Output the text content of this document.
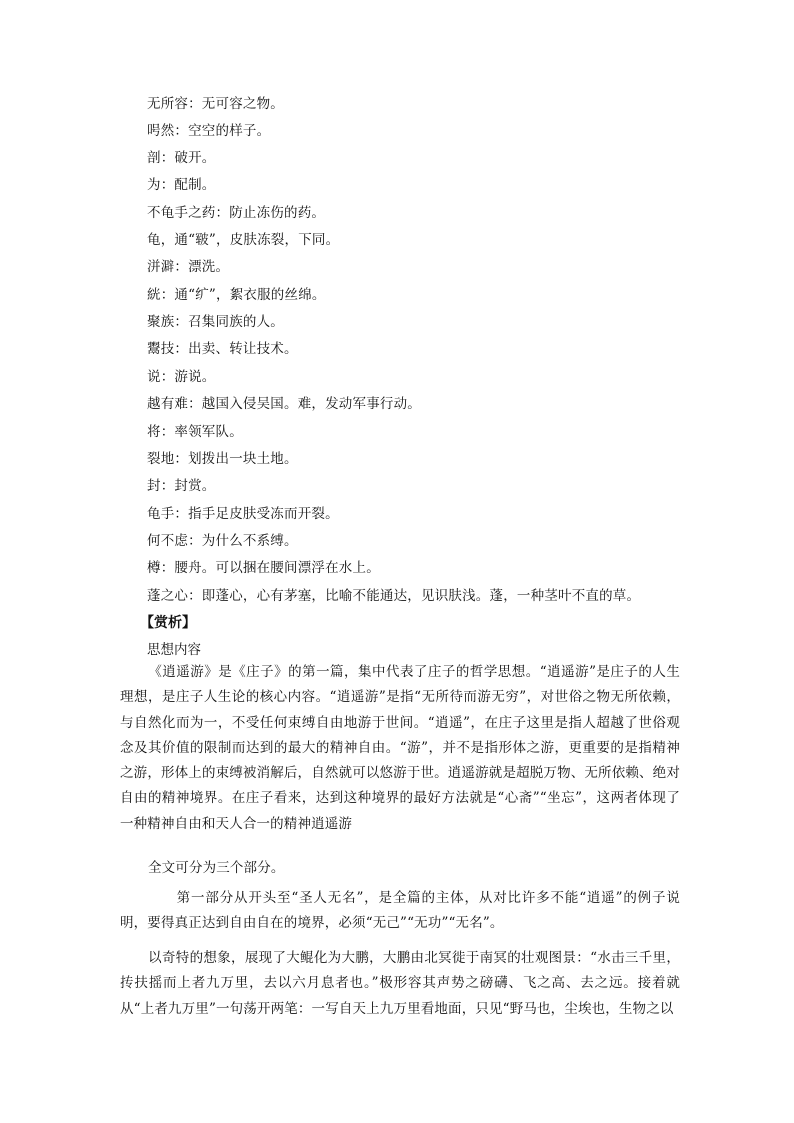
无所容：无可容之物。
呺然：空空的样子。
剖：破开。
为：配制。
不龟手之药：防止冻伤的药。
龟，通“皲”，皮肤冻裂，下同。
洴澼：漂洗。
絖：通“纩”，絮衣服的丝绵。
聚族：召集同族的人。
鬻技：出卖、转让技术。
说：游说。
越有难：越国入侵吴国。难，发动军事行动。
将：率领军队。
裂地：划拨出一块土地。
封：封赏。
龟手：指手足皮肤受冻而开裂。
何不虑：为什么不系缚。
樽：腰舟。可以捆在腰间漂浮在水上。
蓬之心：即蓬心，心有茅塞，比喻不能通达，见识肤浅。蓬，一种茎叶不直的草。
【赏析】
思想内容
《逍遥游》是《庄子》的第一篇，集中代表了庄子的哲学思想。“逍遥游”是庄子的人生理想，是庄子人生论的核心内容。“逍遥游”是指“无所待而游无穷”，对世俗之物无所依赖，与自然化而为一，不受任何束缚自由地游于世间。“逍遥”，在庄子这里是指人超越了世俗观念及其价值的限制而达到的最大的精神自由。“游”，并不是指形体之游，更重要的是指精神之游，形体上的束缚被消解后，自然就可以悠游于世。逍遥游就是超脱万物、无所依赖、绝对自由的精神境界。在庄子看来，达到这种境界的最好方法就是“心斋”“坐忘”，这两者体现了一种精神自由和天人合一的精神逍遥游
全文可分为三个部分。
第一部分从开头至“圣人无名”，是全篇的主体，从对比许多不能“逍遥”的例子说明，要得真正达到自由自在的境界，必须“无己”“无功”“无名”。
以奇特的想象，展现了大鲲化为大鹏，大鹏由北冥徙于南冥的壮观图景：“水击三千里，抟扶摇而上者九万里，去以六月息者也。”极形容其声势之磅礴、飞之高、去之远。接着就从“上者九万里”一句荡开两笔：一写自天上九万里看地面，只见“野马也，尘埃也，生物之以
